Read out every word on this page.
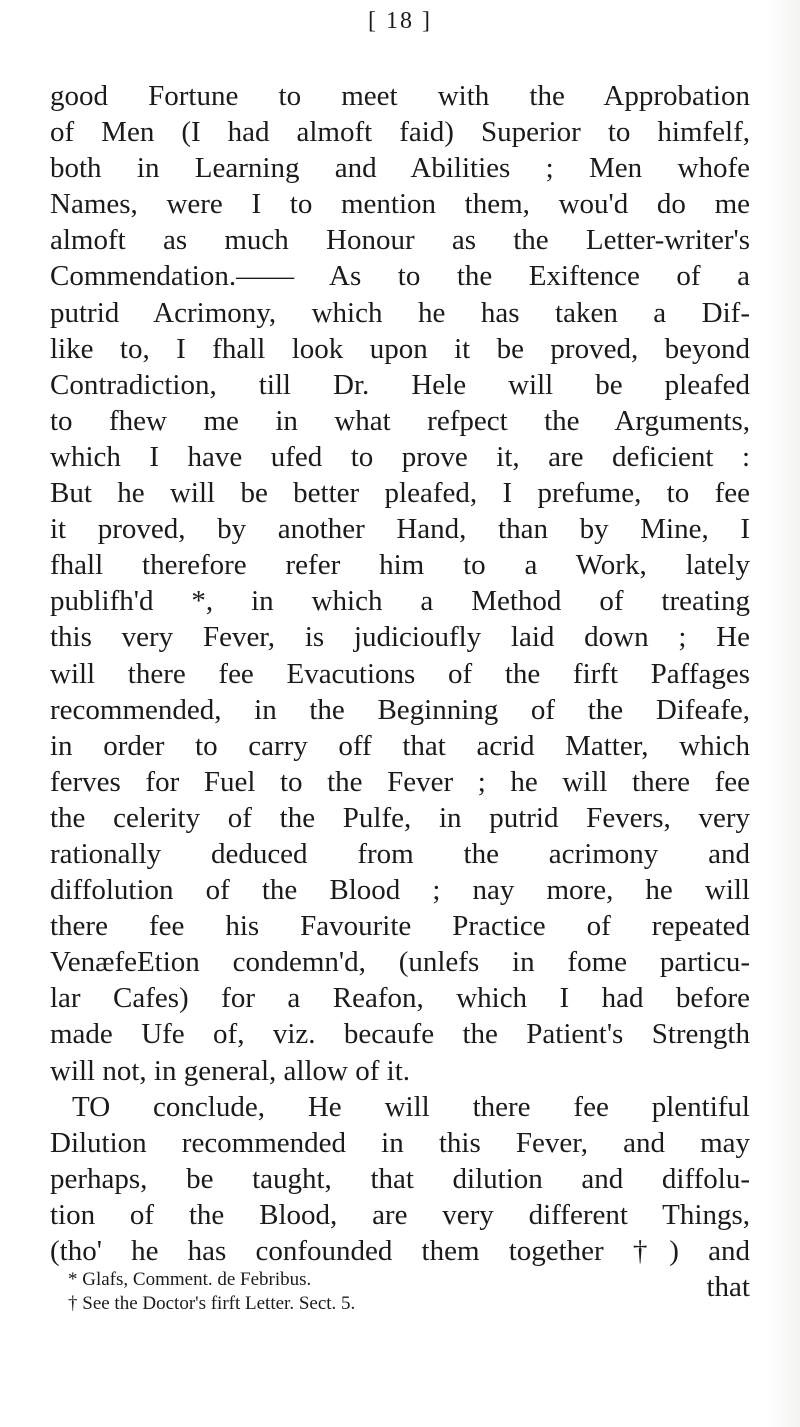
[ 18 ]
good Fortune to meet with the Approbation
of Men (I had almoft faid) Superior to himfelf,
both in Learning and Abilities ; Men whofe
Names, were I to mention them, wou'd do me
almoft as much Honour as the Letter-writer's
Commendation.—— As to the Exiftence of a
putrid Acrimony, which he has taken a Dif-
like to, I fhall look upon it be proved, beyond
Contradiction, till Dr. Hele will be pleafed
to fhew me in what refpect the Arguments,
which I have ufed to prove it, are deficient :
But he will be better pleafed, I prefume, to fee
it proved, by another Hand, than by Mine, I
fhall therefore refer him to a Work, lately
publifh'd *, in which a Method of treating
this very Fever, is judicioufly laid down ; He
will there fee Evacutions of the firft Paffages
recommended, in the Beginning of the Difeafe,
in order to carry off that acrid Matter, which
ferves for Fuel to the Fever ; he will there fee
the celerity of the Pulfe, in putrid Fevers, very
rationally deduced from the acrimony and
diffolution of the Blood ; nay more, he will
there fee his Favourite Practice of repeated
VenæfeЕtion condemn'd, (unlefs in fome particu-
lar Cafes) for a Reafon, which I had before
made Ufe of, viz. becaufe the Patient's Strength
will not, in general, allow of it.
TO conclude, He will there fee plentiful
Dilution recommended in this Fever, and may
perhaps, be taught, that dilution and diffolu-
tion of the Blood, are very different Things,
(tho' he has confounded them together †) and
that
* Glafs, Comment. de Febribus.
† See the Doctor's firft Letter. Sect. 5.
